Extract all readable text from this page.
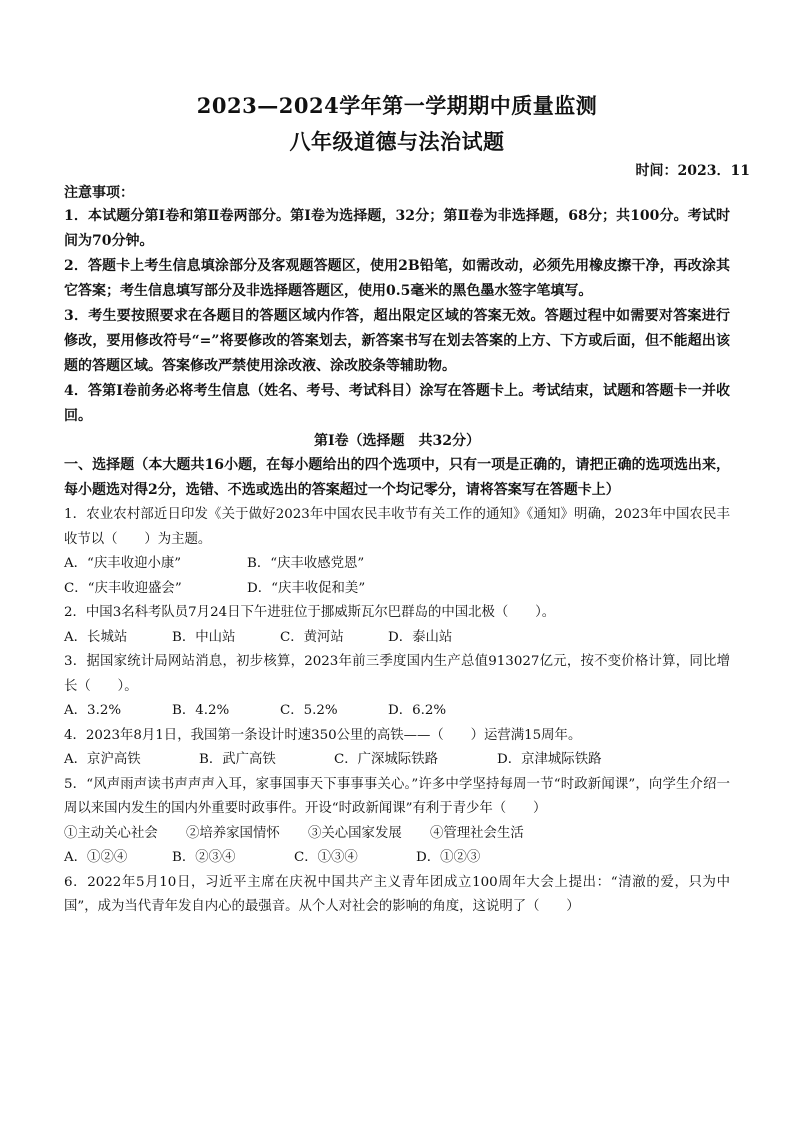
2023—2024学年第一学期期中质量监测

八年级道德与法治试题

时间：2023．11

注意事项：

1．本试题分第Ⅰ卷和第Ⅱ卷两部分。第Ⅰ卷为选择题，32分；第Ⅱ卷为非选择题，68分；共100分。考试时间为70分钟。

2．答题卡上考生信息填涂部分及客观题答题区，使用2B铅笔，如需改动，必须先用橡皮擦干净，再改涂其它答案；考生信息填写部分及非选择题答题区，使用0.5毫米的黑色墨水签字笔填写。

3．考生要按照要求在各题目的答题区域内作答，超出限定区域的答案无效。答题过程中如需要对答案进行修改，要用修改符号“=”将要修改的答案划去，新答案书写在划去答案的上方、下方或后面，但不能超出该题的答题区域。答案修改严禁使用涂改液、涂改胶条等辅助物。

4．答第Ⅰ卷前务必将考生信息（姓名、考号、考试科目）涂写在答题卡上。考试结束，试题和答题卡一并收回。

第Ⅰ卷（选择题　共32分）

一、选择题（本大题共16小题，在每小题给出的四个选项中，只有一项是正确的，请把正确的选项选出来，每小题选对得2分，选错、不选或选出的答案超过一个均记零分，请将答案写在答题卡上）

1．农业农村部近日印发《关于做好2023年中国农民丰收节有关工作的通知》《通知》明确，2023年中国农民丰收节以（　　）为主题。

A．“庆丰收迎小康”	B．“庆丰收感党恩”

C．“庆丰收迎盛会”	D．“庆丰收促和美”

2．中国3名科考队员7月24日下午进驻位于挪威斯瓦尔巴群岛的中国北极（　　）。

A．长城站	B．中山站	C．黄河站	D．泰山站

3．据国家统计局网站消息，初步核算，2023年前三季度国内生产总值913027亿元，按不变价格计算，同比增长（　　）。

A．3.2%	B．4.2%	C．5.2%	D．6.2%

4．2023年8月1日，我国第一条设计时速350公里的高铁——（　　）运营满15周年。

A．京沪高铁	B．武广高铁	C．广深城际铁路	D．京津城际铁路

5．“风声雨声读书声声声入耳，家事国事天下事事事关心。”许多中学坚持每周一节“时政新闻课”，向学生介绍一周以来国内发生的国内外重要时政事件。开设“时政新闻课”有利于青少年（　　）

①主动关心社会 ②培养家国情怀 ③关心国家发展 ④管理社会生活

A．①②④	B．②③④	C．①③④	D．①②③

6．2022年5月10日，习近平主席在庆祝中国共产主义青年团成立100周年大会上提出：“清澈的爱，只为中国”，成为当代青年发自内心的最强音。从个人对社会的影响的角度，这说明了（　　）
